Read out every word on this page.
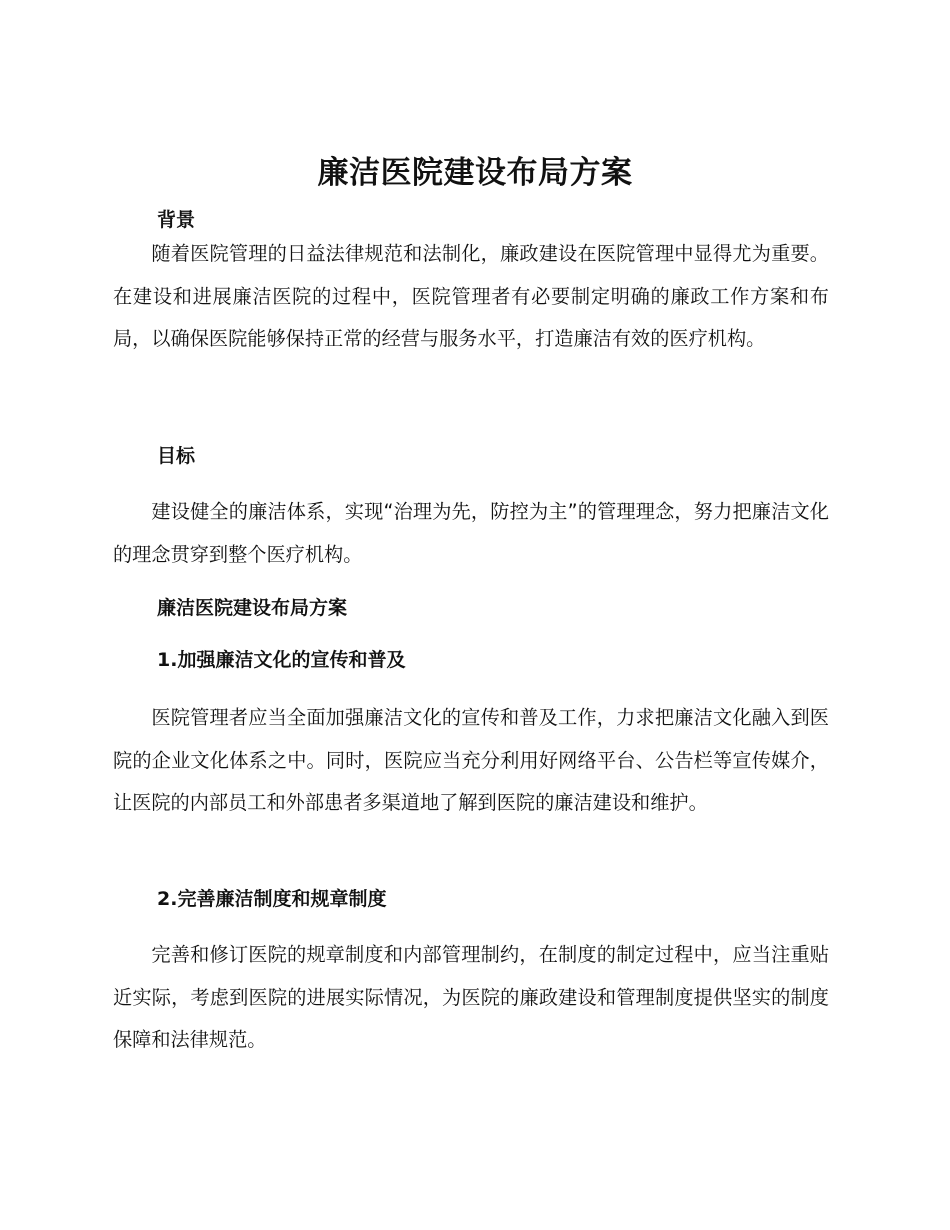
廉洁医院建设布局方案
背景

随着医院管理的日益法律规范和法制化，廉政建设在医院管理中显得尤为重要。在建设和进展廉洁医院的过程中，医院管理者有必要制定明确的廉政工作方案和布局，以确保医院能够保持正常的经营与服务水平，打造廉洁有效的医疗机构。

目标

建设健全的廉洁体系，实现“治理为先，防控为主”的管理理念，努力把廉洁文化的理念贯穿到整个医疗机构。

廉洁医院建设布局方案
1.加强廉洁文化的宣传和普及

医院管理者应当全面加强廉洁文化的宣传和普及工作，力求把廉洁文化融入到医院的企业文化体系之中。同时，医院应当充分利用好网络平台、公告栏等宣传媒介，让医院的内部员工和外部患者多渠道地了解到医院的廉洁建设和维护。

2.完善廉洁制度和规章制度

完善和修订医院的规章制度和内部管理制约，在制度的制定过程中，应当注重贴近实际，考虑到医院的进展实际情况，为医院的廉政建设和管理制度提供坚实的制度保障和法律规范。
